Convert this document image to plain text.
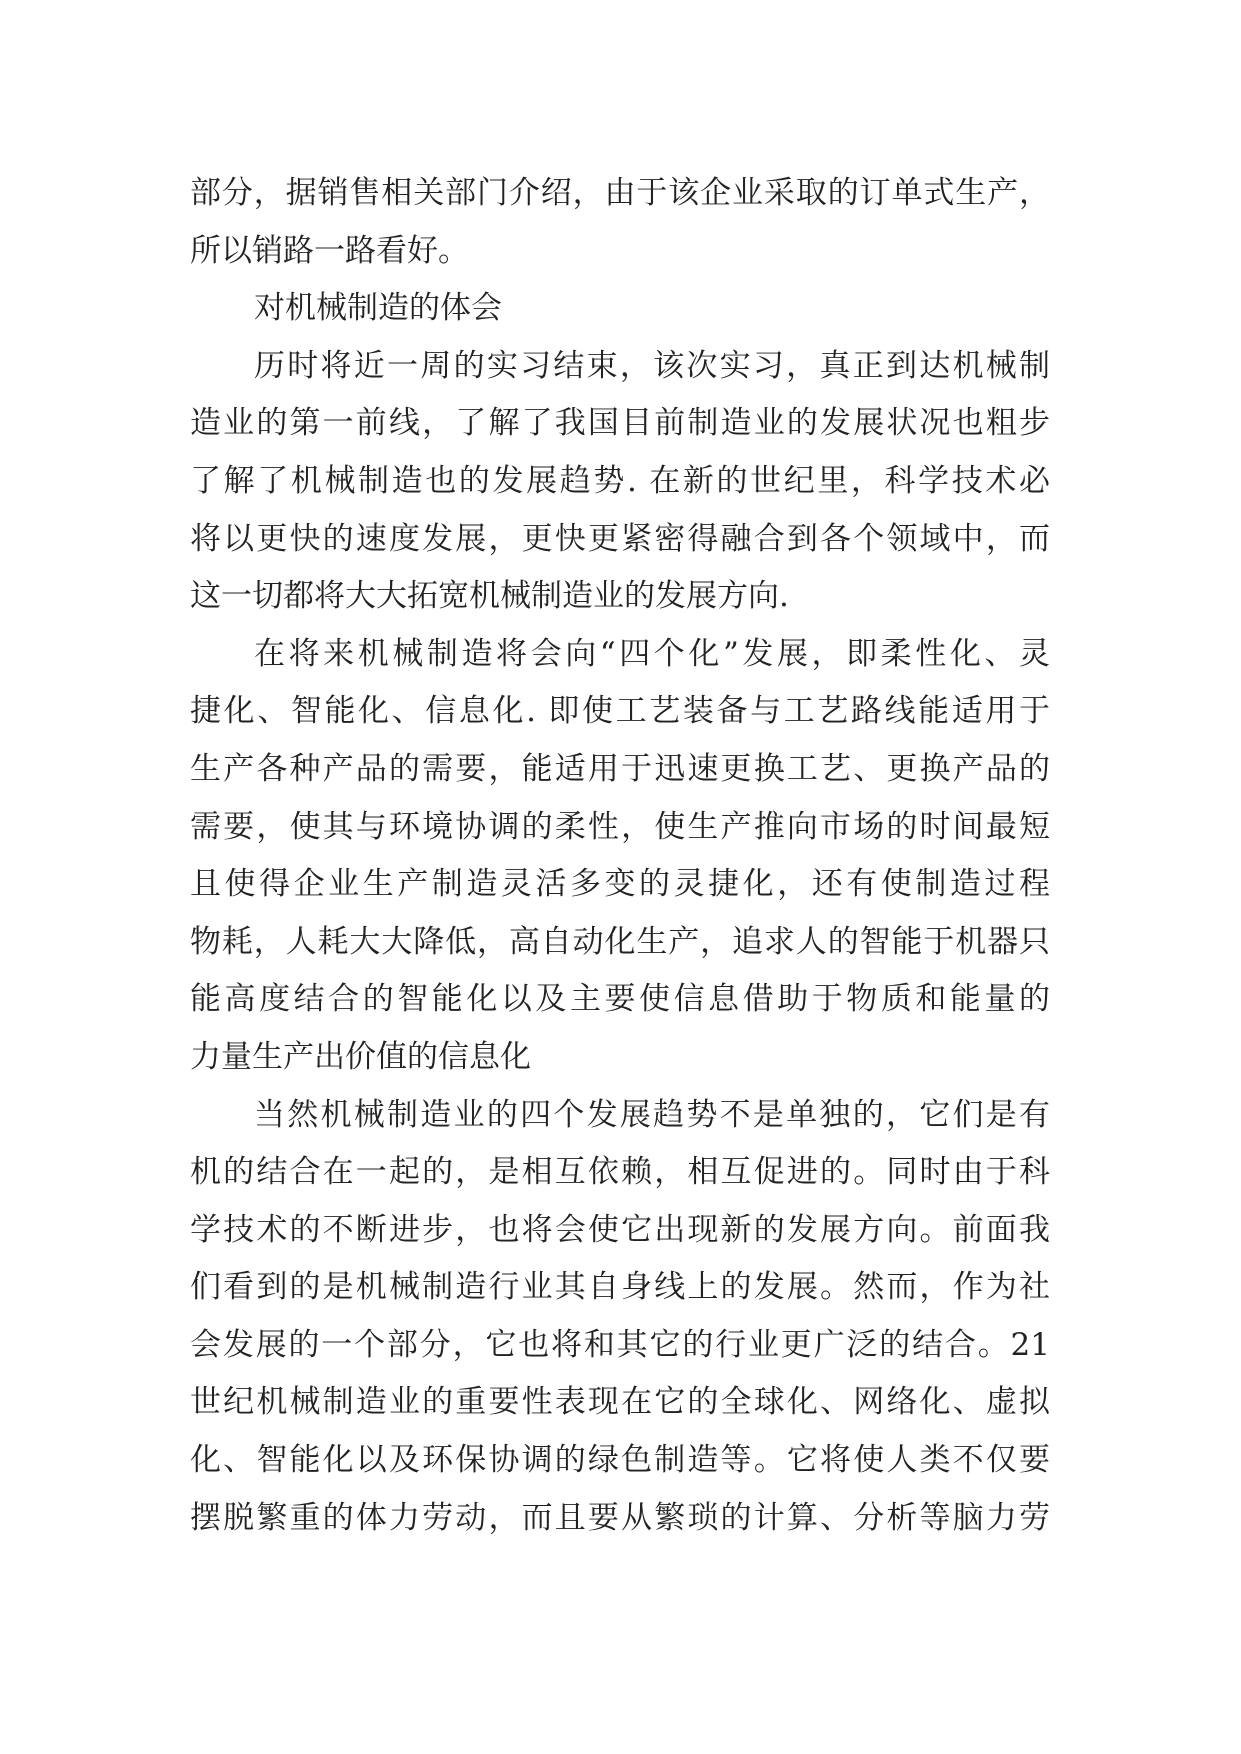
部分，据销售相关部门介绍，由于该企业采取的订单式生产，
所以销路一路看好。
对机械制造的体会
历时将近一周的实习结束，该次实习，真正到达机械制
造业的第一前线，了解了我国目前制造业的发展状况也粗步
了解了机械制造也的发展趋势. 在新的世纪里，科学技术必
将以更快的速度发展，更快更紧密得融合到各个领域中，而
这一切都将大大拓宽机械制造业的发展方向.
在将来机械制造将会向“四个化”发展，即柔性化、灵
捷化、智能化、信息化. 即使工艺装备与工艺路线能适用于
生产各种产品的需要，能适用于迅速更换工艺、更换产品的
需要，使其与环境协调的柔性，使生产推向市场的时间最短
且使得企业生产制造灵活多变的灵捷化，还有使制造过程
物耗，人耗大大降低，高自动化生产，追求人的智能于机器只
能高度结合的智能化以及主要使信息借助于物质和能量的
力量生产出价值的信息化
当然机械制造业的四个发展趋势不是单独的，它们是有
机的结合在一起的，是相互依赖，相互促进的。同时由于科
学技术的不断进步，也将会使它出现新的发展方向。前面我
们看到的是机械制造行业其自身线上的发展。然而，作为社
会发展的一个部分，它也将和其它的行业更广泛的结合。21
世纪机械制造业的重要性表现在它的全球化、网络化、虚拟
化、智能化以及环保协调的绿色制造等。它将使人类不仅要
摆脱繁重的体力劳动，而且要从繁琐的计算、分析等脑力劳
